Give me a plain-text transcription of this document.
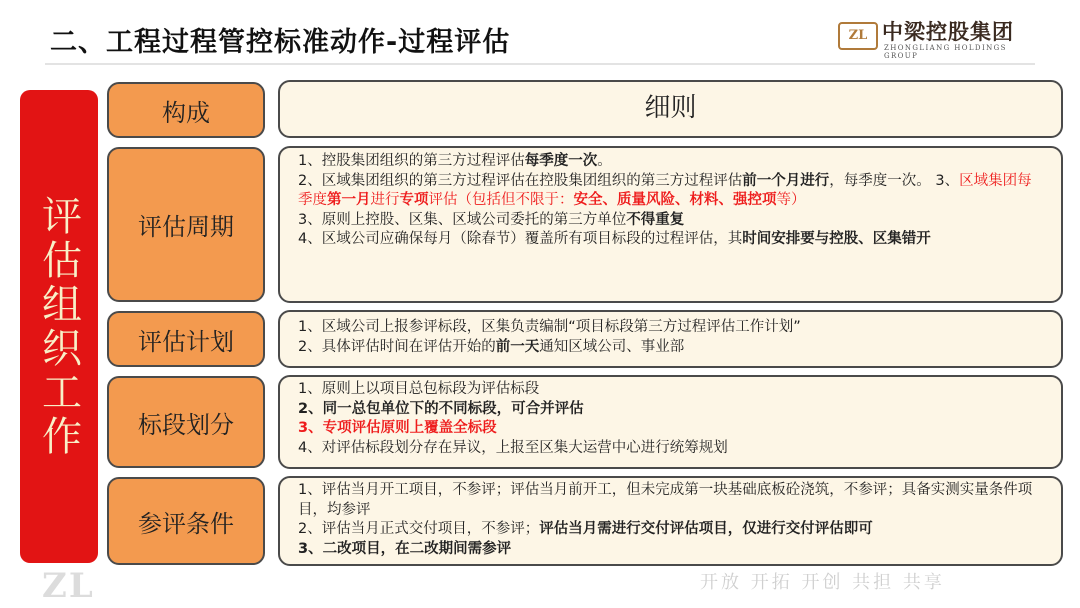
二、工程过程管控标准动作-过程评估	ZL 中梁控股集团
ZHONGLIANG HOLDINGS GROUP
评估组织工作
构成	细则
评估周期
1、控股集团组织的第三方过程评估每季度一次。
2、区域集团组织的第三方过程评估在控股集团组织的第三方过程评估前一个月进行，每季度一次。 3、区域集团每季度第一月进行专项评估（包括但不限于：安全、质量风险、材料、强控项等）
3、原则上控股、区集、区域公司委托的第三方单位不得重复
4、区域公司应确保每月（除春节）覆盖所有项目标段的过程评估，其时间安排要与控股、区集错开
评估计划
1、区域公司上报参评标段，区集负责编制“项目标段第三方过程评估工作计划”
2、具体评估时间在评估开始的前一天通知区域公司、事业部
标段划分
1、原则上以项目总包标段为评估标段
2、同一总包单位下的不同标段，可合并评估
3、专项评估原则上覆盖全标段
4、对评估标段划分存在异议，上报至区集大运营中心进行统筹规划
参评条件
1、评估当月开工项目，不参评；评估当月前开工，但未完成第一块基础底板砼浇筑，不参评；具备实测实量条件项目，均参评
2、评估当月正式交付项目，不参评；评估当月需进行交付评估项目，仅进行交付评估即可
3、二改项目，在二改期间需参评
ZL	开放 开拓 开创 共担 共享
